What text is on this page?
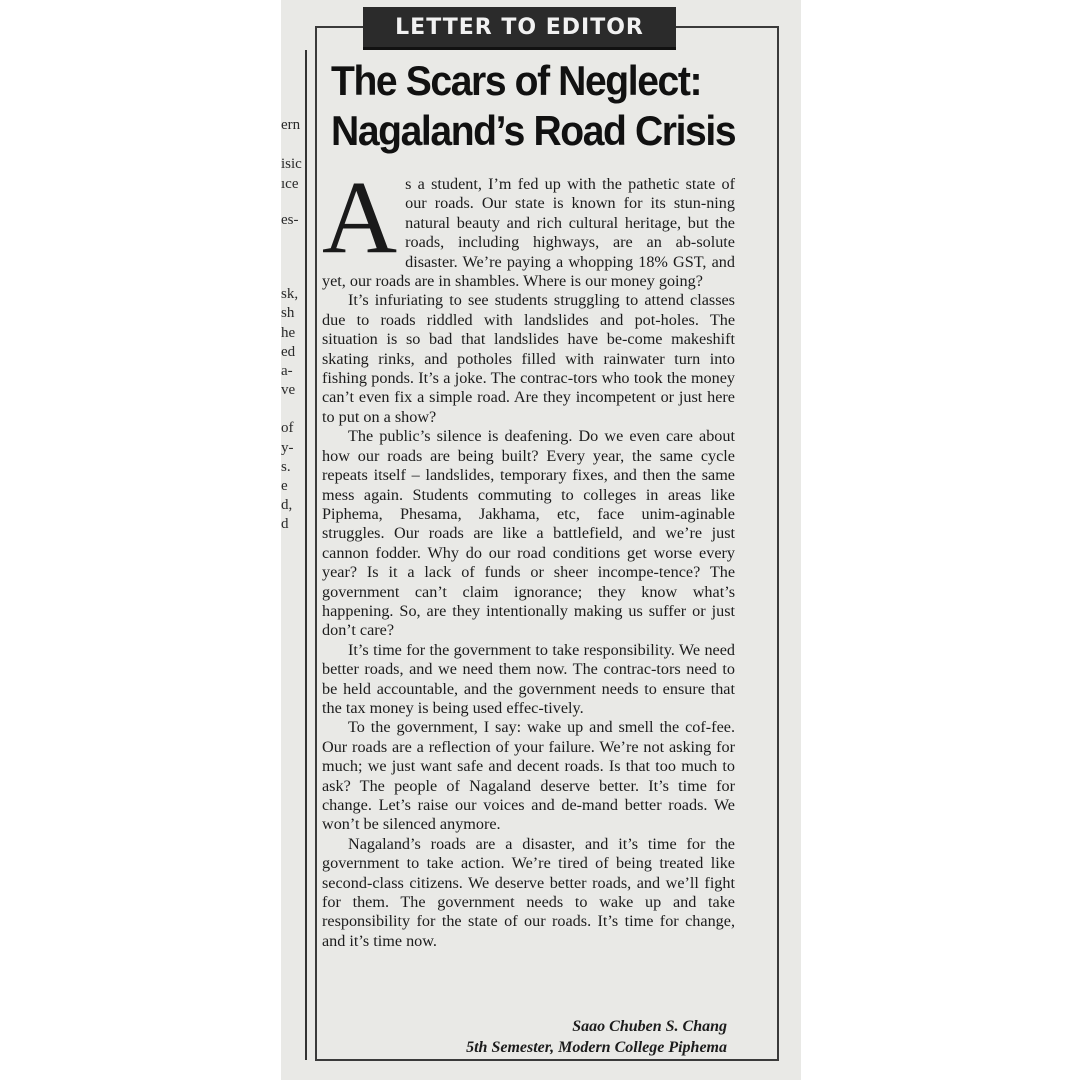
ern
isic
ıce
es-
sk,
sh
he
ed
a-
ve
of
y-
s.
e
d,
d
LETTER TO EDITOR
The Scars of Neglect:
Nagaland’s Road Crisis

As a student, I’m fed up with the pathetic state of our roads. Our state is known for its stun-ning natural beauty and rich cultural heritage, but the roads, including highways, are an ab-solute disaster. We’re paying a whopping 18% GST, and yet, our roads are in shambles. Where is our money going?

It’s infuriating to see students struggling to attend classes due to roads riddled with landslides and pot-holes. The situation is so bad that landslides have be-come makeshift skating rinks, and potholes filled with rainwater turn into fishing ponds. It’s a joke. The contrac-tors who took the money can’t even fix a simple road. Are they incompetent or just here to put on a show?

The public’s silence is deafening. Do we even care about how our roads are being built? Every year, the same cycle repeats itself – landslides, temporary fixes, and then the same mess again. Students commuting to colleges in areas like Piphema, Phesama, Jakhama, etc, face unim-aginable struggles. Our roads are like a battlefield, and we’re just cannon fodder. Why do our road conditions get worse every year? Is it a lack of funds or sheer incompe-tence? The government can’t claim ignorance; they know what’s happening. So, are they intentionally making us suffer or just don’t care?

It’s time for the government to take responsibility. We need better roads, and we need them now. The contrac-tors need to be held accountable, and the government needs to ensure that the tax money is being used effec-tively.

To the government, I say: wake up and smell the cof-fee. Our roads are a reflection of your failure. We’re not asking for much; we just want safe and decent roads. Is that too much to ask? The people of Nagaland deserve better. It’s time for change. Let’s raise our voices and de-mand better roads. We won’t be silenced anymore.

Nagaland’s roads are a disaster, and it’s time for the government to take action. We’re tired of being treated like second-class citizens. We deserve better roads, and we’ll fight for them. The government needs to wake up and take responsibility for the state of our roads. It’s time for change, and it’s time now.

Saao Chuben S. Chang
5th Semester, Modern College Piphema
